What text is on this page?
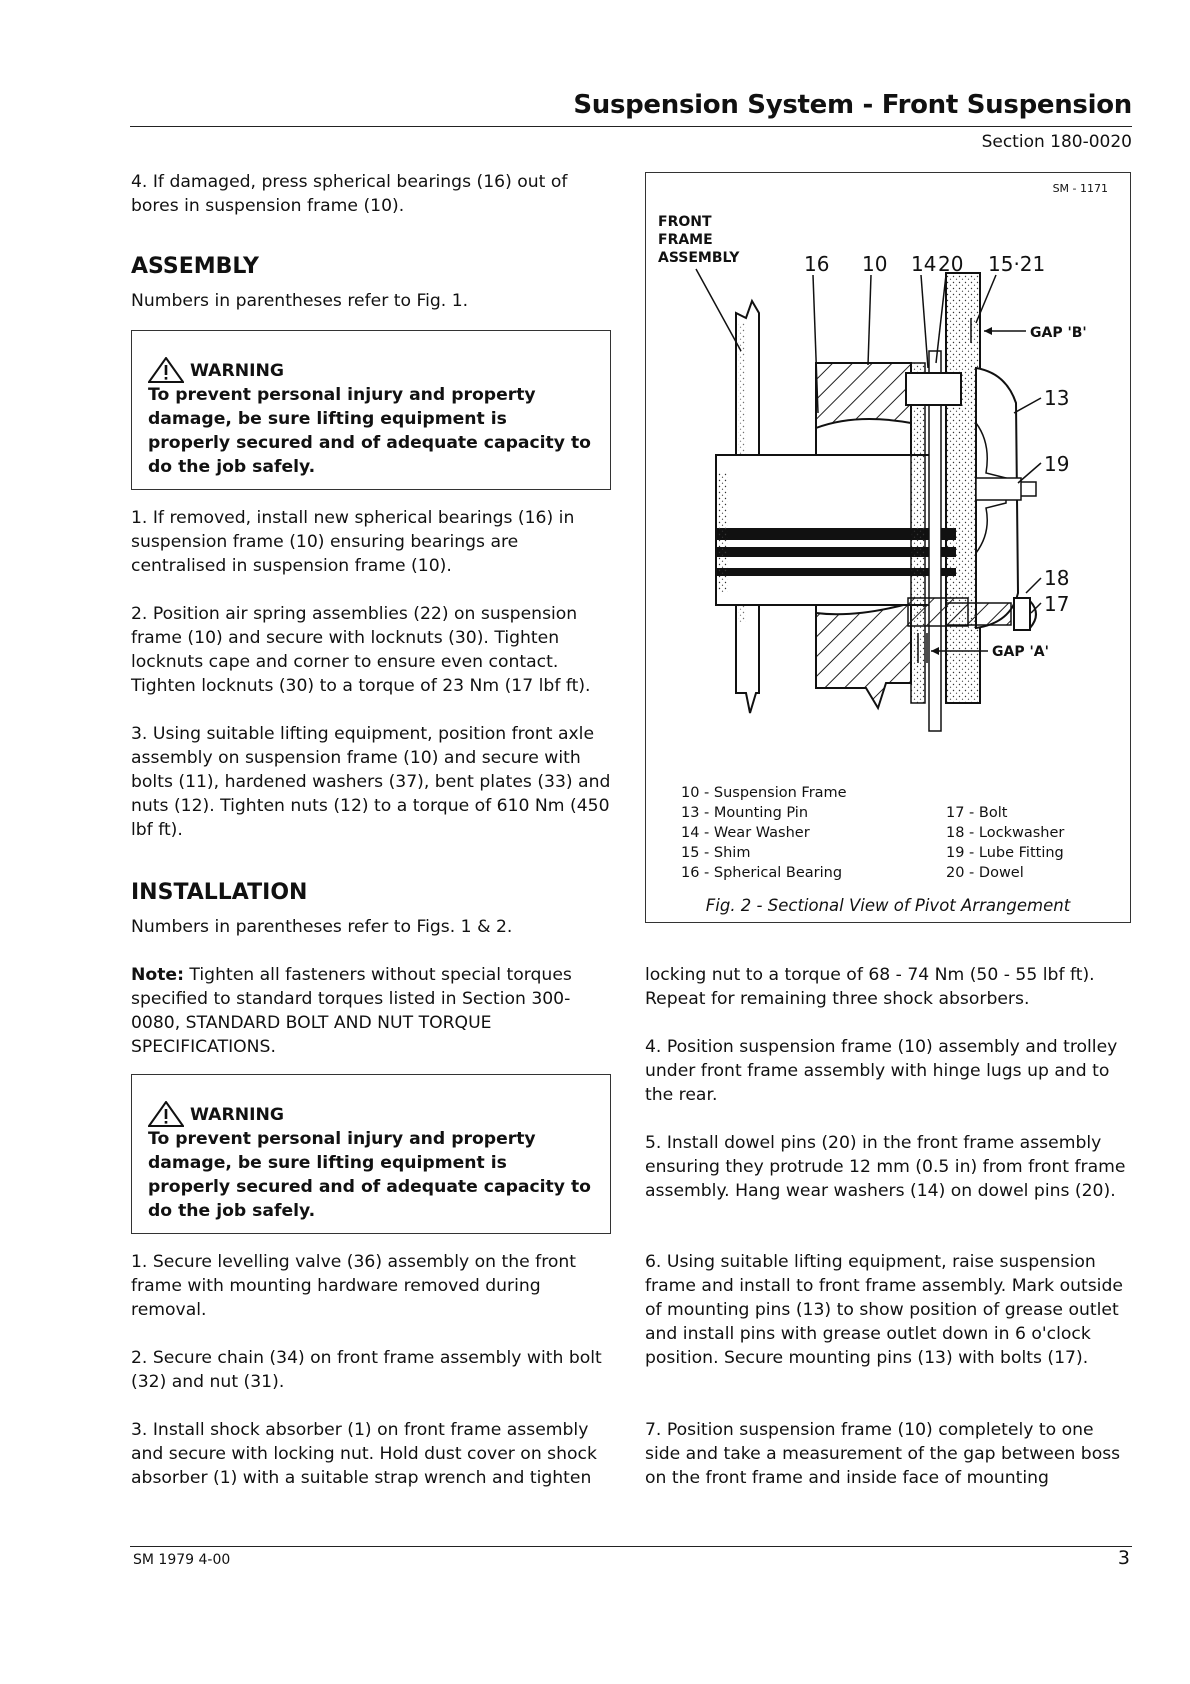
Suspension System - Front Suspension
Section 180-0020
4. If damaged, press spherical bearings (16) out of bores in suspension frame (10).
ASSEMBLY
Numbers in parentheses refer to Fig. 1.
WARNING
To prevent personal injury and property damage, be sure lifting equipment is properly secured and of adequate capacity to do the job safely.
1. If removed, install new spherical bearings (16) in suspension frame (10) ensuring bearings are centralised in suspension frame (10).
2. Position air spring assemblies (22) on suspension frame (10) and secure with locknuts (30). Tighten locknuts cape and corner to ensure even contact. Tighten locknuts (30) to a torque of 23 Nm (17 lbf ft).
3. Using suitable lifting equipment, position front axle assembly on suspension frame (10) and secure with bolts (11), hardened washers (37), bent plates (33) and nuts (12). Tighten nuts (12) to a torque of 610 Nm (450 lbf ft).
INSTALLATION
Numbers in parentheses refer to Figs. 1 & 2.
Note: Tighten all fasteners without special torques specified to standard torques listed in Section 300-0080, STANDARD BOLT AND NUT TORQUE SPECIFICATIONS.
WARNING
To prevent personal injury and property damage, be sure lifting equipment is properly secured and of adequate capacity to do the job safely.
1. Secure levelling valve (36) assembly on the front frame with mounting hardware removed during removal.
2. Secure chain (34) on front frame assembly with bolt (32) and nut (31).
3. Install shock absorber (1) on front frame assembly and secure with locking nut. Hold dust cover on shock absorber (1) with a suitable strap wrench and tighten
SM - 1171
FRONT
FRAME
ASSEMBLY	16 10 14 20 15·21
13
19
18
17
GAP 'B'
GAP 'A'
10 - Suspension Frame
13 - Mounting Pin
14 - Wear Washer
15 - Shim
16 - Spherical Bearing
17 - Bolt
18 - Lockwasher
19 - Lube Fitting
20 - Dowel
Fig. 2 - Sectional View of Pivot Arrangement
locking nut to a torque of 68 - 74 Nm (50 - 55 lbf ft). Repeat for remaining three shock absorbers.
4. Position suspension frame (10) assembly and trolley under front frame assembly with hinge lugs up and to the rear.
5. Install dowel pins (20) in the front frame assembly ensuring they protrude 12 mm (0.5 in) from front frame assembly. Hang wear washers (14) on dowel pins (20).
6. Using suitable lifting equipment, raise suspension frame and install to front frame assembly. Mark outside of mounting pins (13) to show position of grease outlet and install pins with grease outlet down in 6 o'clock position. Secure mounting pins (13) with bolts (17).
7. Position suspension frame (10) completely to one side and take a measurement of the gap between boss on the front frame and inside face of mounting
SM 1979 4-00	3
